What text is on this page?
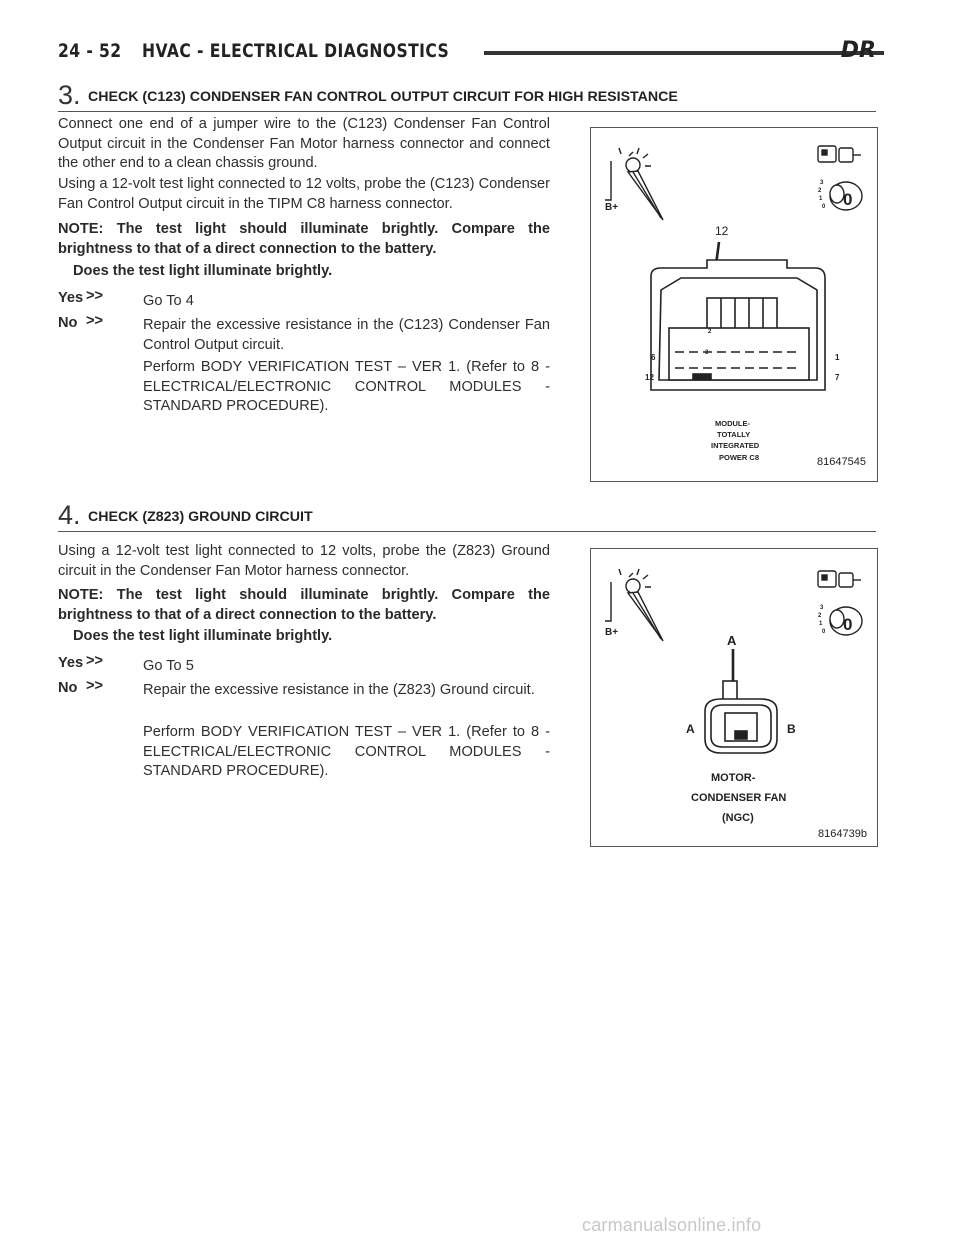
24 - 52 HVAC - ELECTRICAL DIAGNOSTICS	DR
3. CHECK (C123) CONDENSER FAN CONTROL OUTPUT CIRCUIT FOR HIGH RESISTANCE

Connect one end of a jumper wire to the (C123) Condenser Fan Control Output circuit in the Condenser Fan Motor harness connector and connect the other end to a clean chassis ground.

Using a 12-volt test light connected to 12 volts, probe the (C123) Condenser Fan Control Output circuit in the TIPM C8 harness connector.

NOTE: The test light should illuminate brightly. Compare the brightness to that of a direct connection to the battery.

Does the test light illuminate brightly.

Yes >>	Go To 4

No >>	Repair the excessive resistance in the (C123) Condenser Fan Control Output circuit.

Perform BODY VERIFICATION TEST – VER 1. (Refer to 8 - ELECTRICAL/ELECTRONIC CONTROL MODULES - STANDARD PROCEDURE).

B+	0
3
2
1
0
12
6
12
1
7
3
2
MODULE-
TOTALLY
INTEGRATED
POWER C8	81647545
4. CHECK (Z823) GROUND CIRCUIT

Using a 12-volt test light connected to 12 volts, probe the (Z823) Ground circuit in the Condenser Fan Motor harness connector.

NOTE: The test light should illuminate brightly. Compare the brightness to that of a direct connection to the battery.

Does the test light illuminate brightly.

Yes >>	Go To 5

No >>	Repair the excessive resistance in the (Z823) Ground circuit.

Perform BODY VERIFICATION TEST – VER 1. (Refer to 8 - ELECTRICAL/ELECTRONIC CONTROL MODULES - STANDARD PROCEDURE).

B+	0
3
2
1
0
A
A	B
MOTOR-
CONDENSER FAN
(NGC)
8164739b
carmanualsonline.info
